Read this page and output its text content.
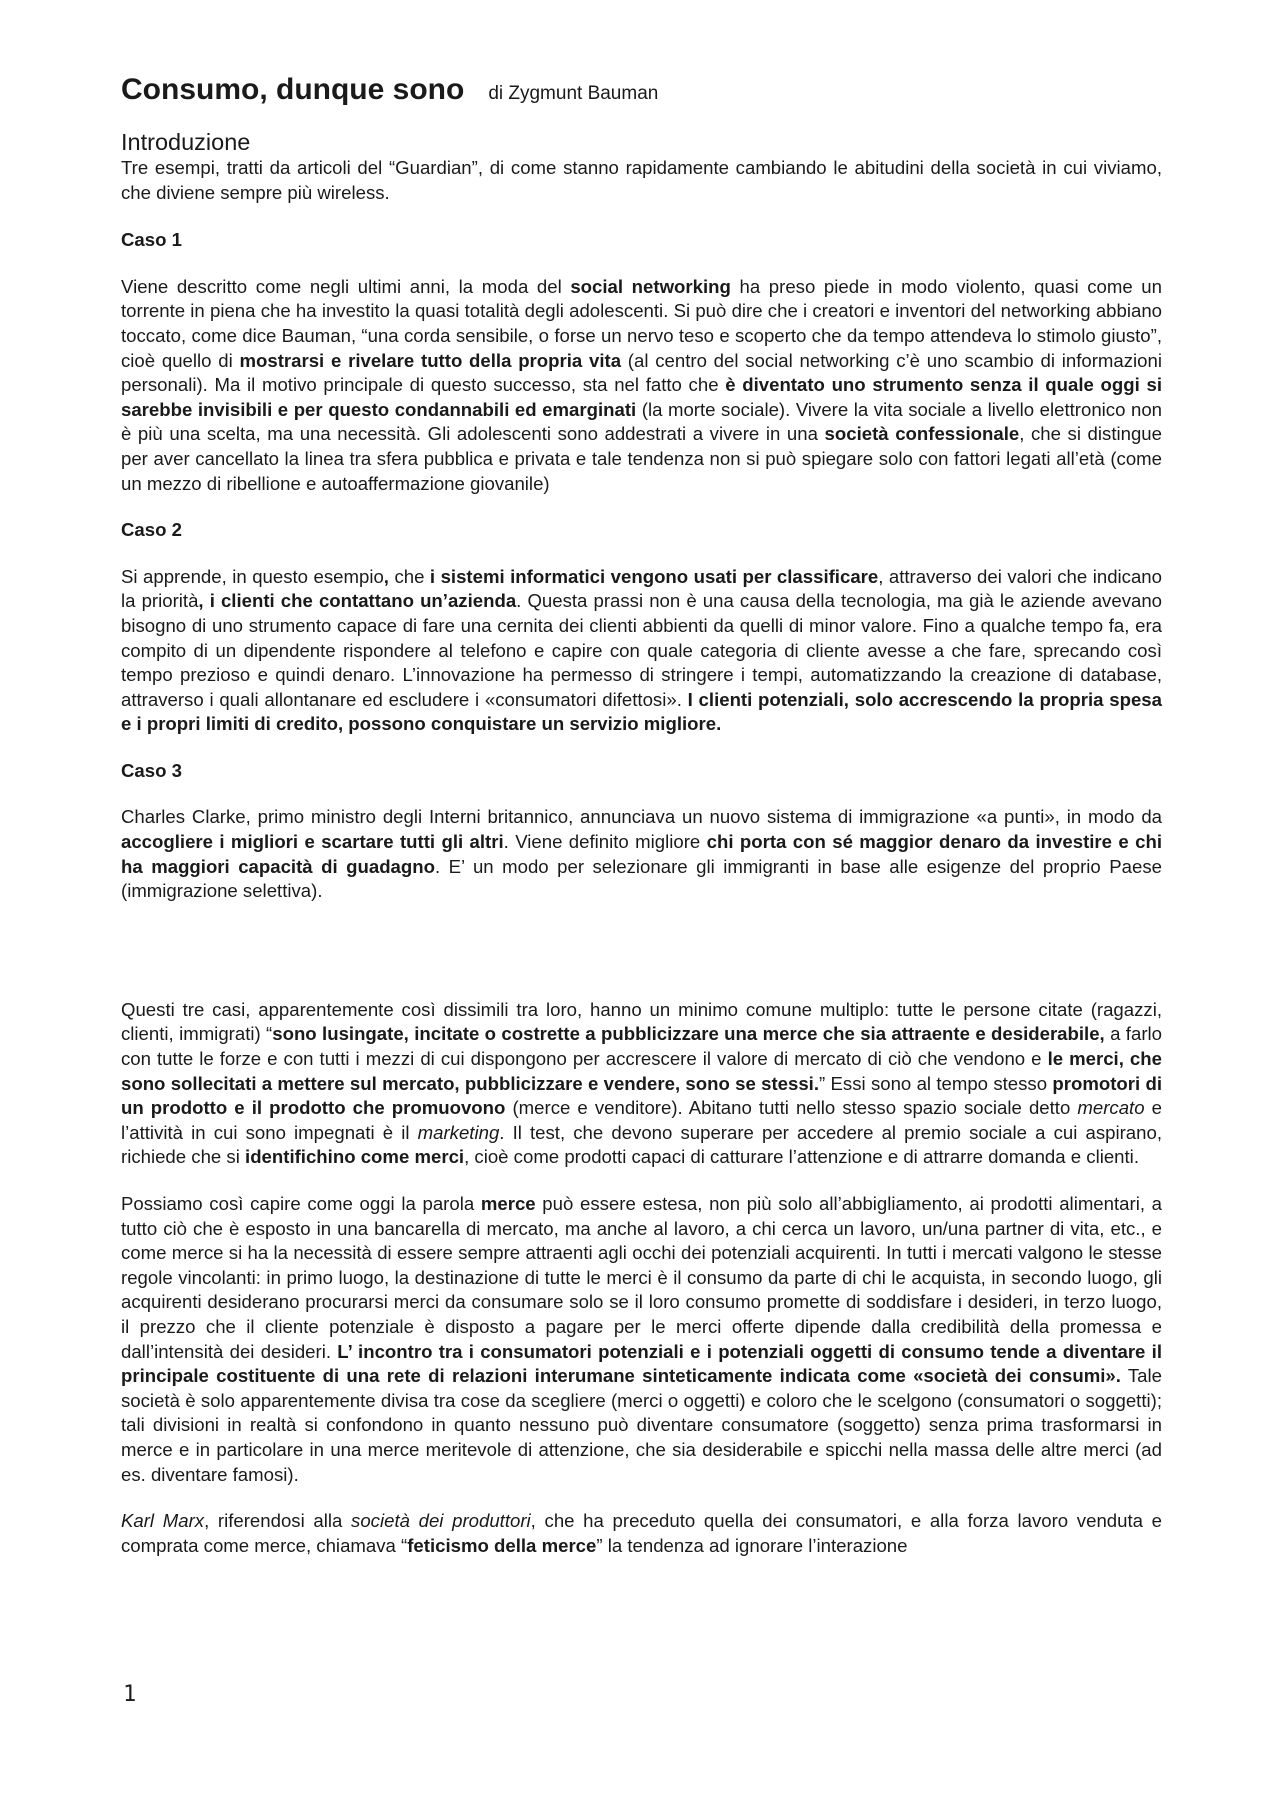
Consumo, dunque sono di Zygmunt Bauman
Introduzione

Tre esempi, tratti da articoli del “Guardian”, di come stanno rapidamente cambiando le abitudini della società in cui viviamo, che diviene sempre più wireless.

Caso 1

Viene descritto come negli ultimi anni, la moda del social networking ha preso piede in modo violento, quasi come un torrente in piena che ha investito la quasi totalità degli adolescenti. Si può dire che i creatori e inventori del networking abbiano toccato, come dice Bauman, “una corda sensibile, o forse un nervo teso e scoperto che da tempo attendeva lo stimolo giusto”, cioè quello di mostrarsi e rivelare tutto della propria vita (al centro del social networking c’è uno scambio di informazioni personali). Ma il motivo principale di questo successo, sta nel fatto che è diventato uno strumento senza il quale oggi si sarebbe invisibili e per questo condannabili ed emarginati (la morte sociale). Vivere la vita sociale a livello elettronico non è più una scelta, ma una necessità. Gli adolescenti sono addestrati a vivere in una società confessionale, che si distingue per aver cancellato la linea tra sfera pubblica e privata e tale tendenza non si può spiegare solo con fattori legati all’età (come un mezzo di ribellione e autoaffermazione giovanile)

Caso 2

Si apprende, in questo esempio, che i sistemi informatici vengono usati per classificare, attraverso dei valori che indicano la priorità, i clienti che contattano un’azienda. Questa prassi non è una causa della tecnologia, ma già le aziende avevano bisogno di uno strumento capace di fare una cernita dei clienti abbienti da quelli di minor valore. Fino a qualche tempo fa, era compito di un dipendente rispondere al telefono e capire con quale categoria di cliente avesse a che fare, sprecando così tempo prezioso e quindi denaro. L’innovazione ha permesso di stringere i tempi, automatizzando la creazione di database, attraverso i quali allontanare ed escludere i «consumatori difettosi». I clienti potenziali, solo accrescendo la propria spesa e i propri limiti di credito, possono conquistare un servizio migliore.

Caso 3

Charles Clarke, primo ministro degli Interni britannico, annunciava un nuovo sistema di immigrazione «a punti», in modo da accogliere i migliori e scartare tutti gli altri. Viene definito migliore chi porta con sé maggior denaro da investire e chi ha maggiori capacità di guadagno. E’ un modo per selezionare gli immigranti in base alle esigenze del proprio Paese (immigrazione selettiva).

Questi tre casi, apparentemente così dissimili tra loro, hanno un minimo comune multiplo: tutte le persone citate (ragazzi, clienti, immigrati) “sono lusingate, incitate o costrette a pubblicizzare una merce che sia attraente e desiderabile, a farlo con tutte le forze e con tutti i mezzi di cui dispongono per accrescere il valore di mercato di ciò che vendono e le merci, che sono sollecitati a mettere sul mercato, pubblicizzare e vendere, sono se stessi.” Essi sono al tempo stesso promotori di un prodotto e il prodotto che promuovono (merce e venditore). Abitano tutti nello stesso spazio sociale detto mercato e l’attività in cui sono impegnati è il marketing. Il test, che devono superare per accedere al premio sociale a cui aspirano, richiede che si identifichino come merci, cioè come prodotti capaci di catturare l’attenzione e di attrarre domanda e clienti.

Possiamo così capire come oggi la parola merce può essere estesa, non più solo all’abbigliamento, ai prodotti alimentari, a tutto ciò che è esposto in una bancarella di mercato, ma anche al lavoro, a chi cerca un lavoro, un/una partner di vita, etc., e come merce si ha la necessità di essere sempre attraenti agli occhi dei potenziali acquirenti. In tutti i mercati valgono le stesse regole vincolanti: in primo luogo, la destinazione di tutte le merci è il consumo da parte di chi le acquista, in secondo luogo, gli acquirenti desiderano procurarsi merci da consumare solo se il loro consumo promette di soddisfare i desideri, in terzo luogo, il prezzo che il cliente potenziale è disposto a pagare per le merci offerte dipende dalla credibilità della promessa e dall’intensità dei desideri. L’ incontro tra i consumatori potenziali e i potenziali oggetti di consumo tende a diventare il principale costituente di una rete di relazioni interumane sinteticamente indicata come «società dei consumi». Tale società è solo apparentemente divisa tra cose da scegliere (merci o oggetti) e coloro che le scelgono (consumatori o soggetti); tali divisioni in realtà si confondono in quanto nessuno può diventare consumatore (soggetto) senza prima trasformarsi in merce e in particolare in una merce meritevole di attenzione, che sia desiderabile e spicchi nella massa delle altre merci (ad es. diventare famosi).

Karl Marx, riferendosi alla società dei produttori, che ha preceduto quella dei consumatori, e alla forza lavoro venduta e comprata come merce, chiamava “feticismo della merce” la tendenza ad ignorare l’interazione

1
